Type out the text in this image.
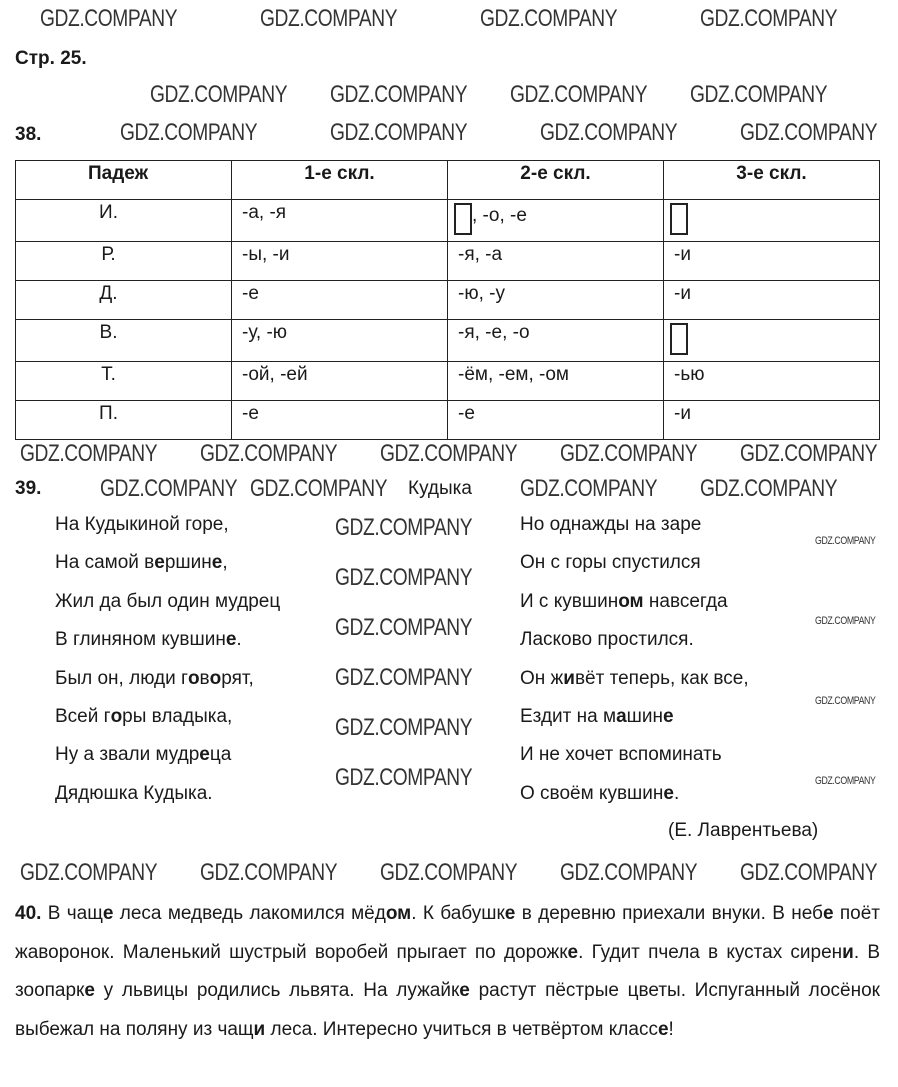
Стр. 25.
38.
Падеж	1-е скл.	2-е скл.	3-е скл.
И.	-а, -я	, -о, -е	
Р.	-ы, -и	-я, -а	-и
Д.	-е	-ю, -у	-и
В.	-у, -ю	-я, -е, -о	
Т.	-ой, -ей	-ём, -ем, -ом	-ью
П.	-е	-е	-и
39.	Кудыка
На Кудыкиной горе,
На самой вершине,
Жил да был один мудрец
В глиняном кувшине.
Был он, люди говорят,
Всей горы владыка,
Ну а звали мудреца
Дядюшка Кудыка.
Но однажды на заре
Он с горы спустился
И с кувшином навсегда
Ласково простился.
Он живёт теперь, как все,
Ездит на машине
И не хочет вспоминать
О своём кувшине.
(Е. Лаврентьева)
40. В чаще леса медведь лакомился мёдом. К бабушке в деревню приехали внуки. В небе поёт жаворонок. Маленький шустрый воробей прыгает по дорожке. Гудит пчела в кустах сирени. В зоопарке у львицы родились львята. На лужайке растут пёстрые цветы. Испуганный лосёнок выбежал на поляну из чащи леса. Интересно учиться в четвёртом классе!
GDZ.COMPANY	GDZ.COMPANY	GDZ.COMPANY	GDZ.COMPANY
GDZ.COMPANY GDZ.COMPANY GDZ.COMPANY GDZ.COMPANY
GDZ.COMPANY	GDZ.COMPANY	GDZ.COMPANY	GDZ.COMPANY
GDZ.COMPANY GDZ.COMPANY GDZ.COMPANY GDZ.COMPANY GDZ.COMPANY
GDZ.COMPANY GDZ.COMPANY	GDZ.COMPANY GDZ.COMPANY
GDZ.COMPANY
GDZ.COMPANY
GDZ.COMPANY
GDZ.COMPANY
GDZ.COMPANY
GDZ.COMPANY
GDZ.COMPANY
GDZ.COMPANY
GDZ.COMPANY
GDZ.COMPANY
GDZ.COMPANY GDZ.COMPANY GDZ.COMPANY GDZ.COMPANY GDZ.COMPANY
